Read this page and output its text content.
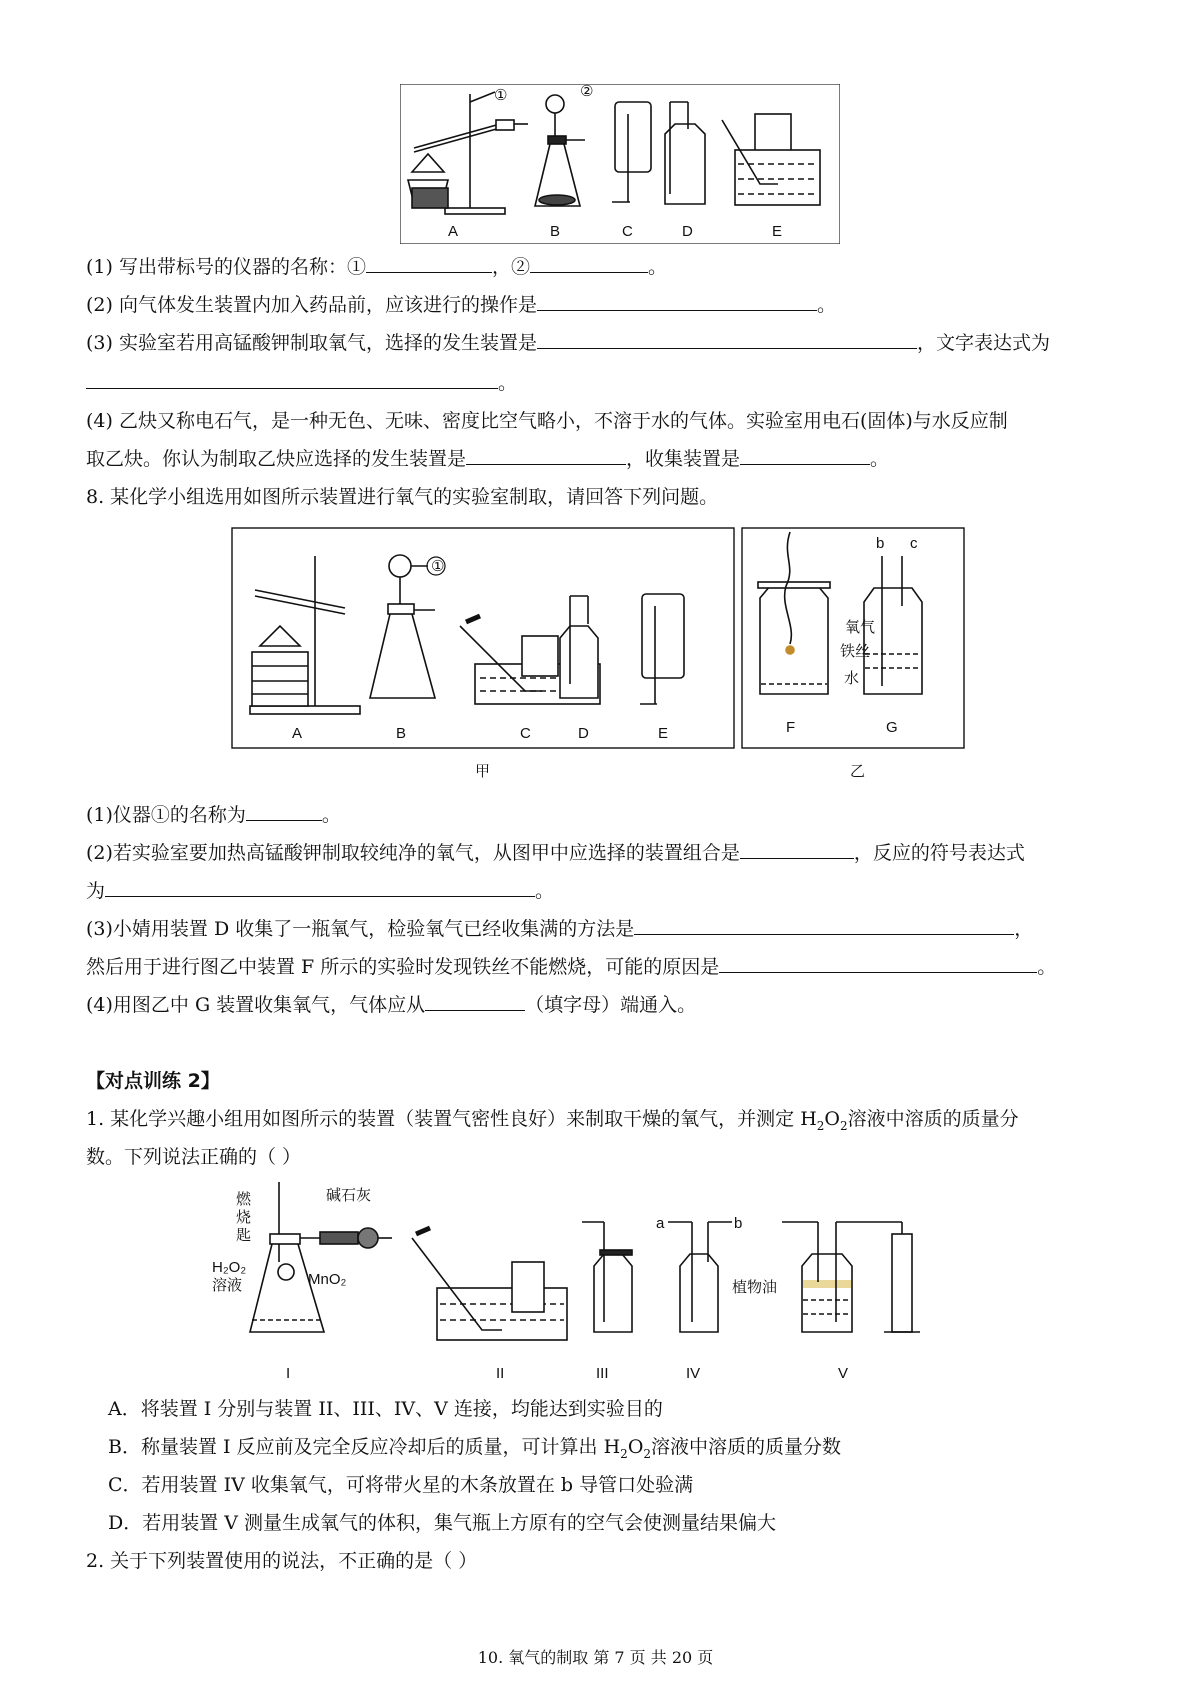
①	②
A	B	C	D	E
(1) 写出带标号的仪器的名称：①	，②	。
(2) 向气体发生装置内加入药品前，应该进行的操作是	。
(3) 实验室若用高锰酸钾制取氧气，选择的发生装置是	，文字表达式为
。
(4) 乙炔又称电石气，是一种无色、无味、密度比空气略小，不溶于水的气体。实验室用电石(固体)与水反应制
取乙炔。你认为制取乙炔应选择的发生装置是	，收集装置是	。
8. 某化学小组选用如图所示装置进行氧气的实验室制取，请回答下列问题。
①
氧气
铁丝
水
b c
A	B	C	D	E	F	G
甲	乙
(1)仪器①的名称为	。
(2)若实验室要加热高锰酸钾制取较纯净的氧气，从图甲中应选择的装置组合是	，反应的符号表达式
为	。
(3)小婧用装置 D 收集了一瓶氧气，检验氧气已经收集满的方法是	，
然后用于进行图乙中装置 F 所示的实验时发现铁丝不能燃烧，可能的原因是	。
(4)用图乙中 G 装置收集氧气，气体应从	（填字母）端通入。
【对点训练 2】
1. 某化学兴趣小组用如图所示的装置（装置气密性良好）来制取干燥的氧气，并测定 $H_2O_2$溶液中溶质的质量分
数。下列说法正确的（ ）
燃
烧
匙
碱石灰
H₂O₂
溶液	MnO₂
a	b
植物油
I	II	III	IV	V
A．将装置 I 分别与装置 II、III、IV、V 连接，均能达到实验目的
B．称量装置 I 反应前及完全反应冷却后的质量，可计算出 $H_2O_2$溶液中溶质的质量分数
C．若用装置 IV 收集氧气，可将带火星的木条放置在 b 导管口处验满
D．若用装置 V 测量生成氧气的体积，集气瓶上方原有的空气会使测量结果偏大
2. 关于下列装置使用的说法，不正确的是（ ）
10. 氧气的制取 第 7 页 共 20 页
